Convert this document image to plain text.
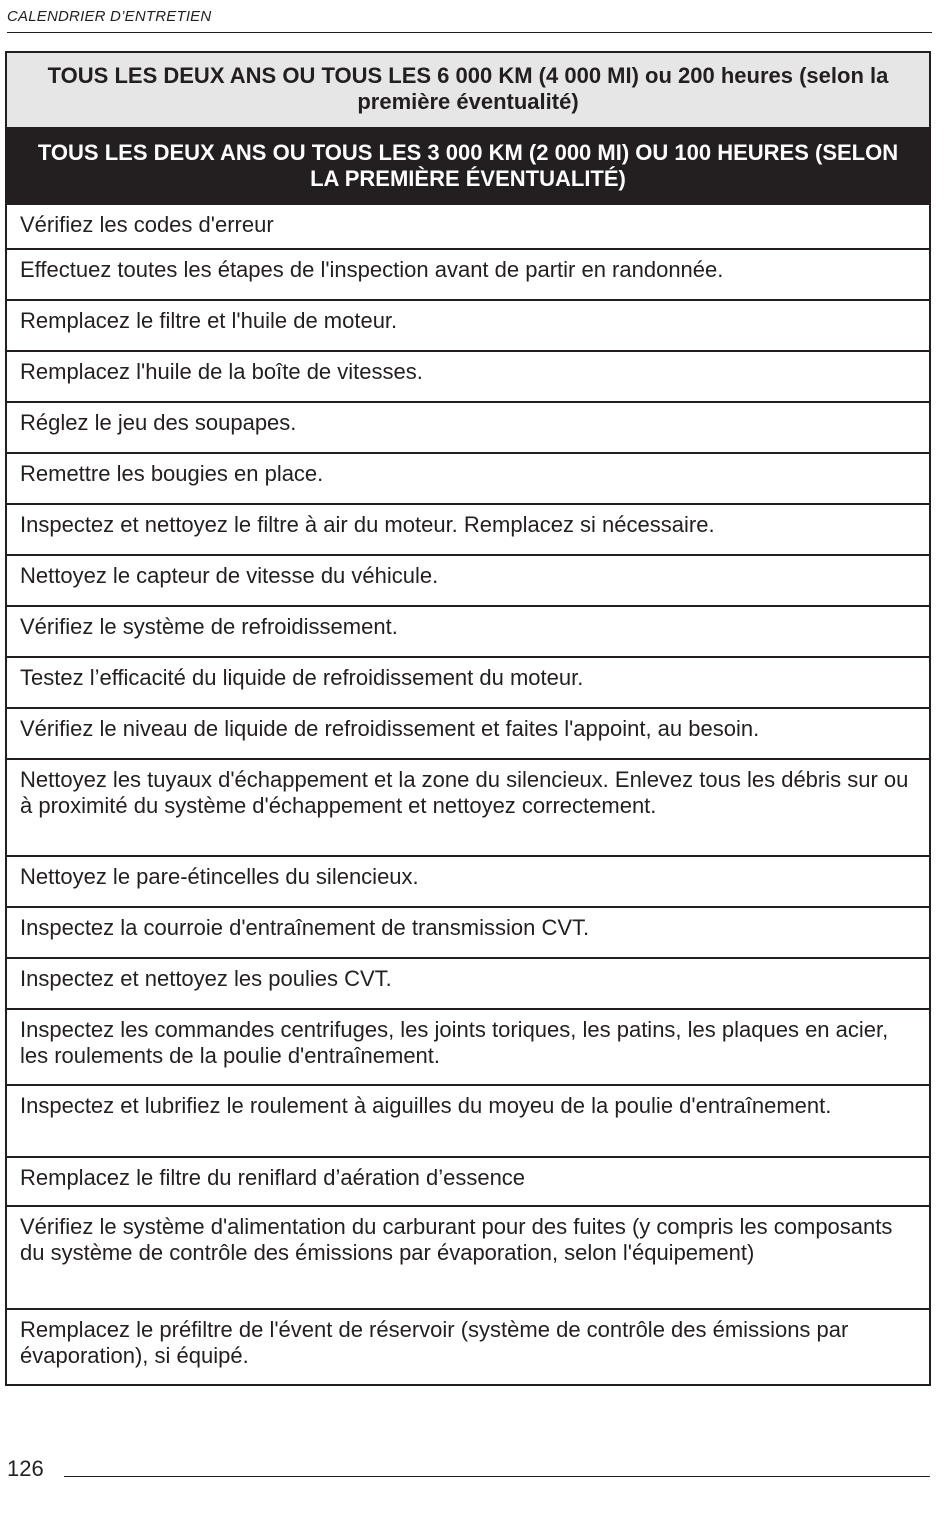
CALENDRIER D’ENTRETIEN
TOUS LES DEUX ANS OU TOUS LES 6 000 KM (4 000 MI) ou 200 heures (selon la première éventualité)
TOUS LES DEUX ANS OU TOUS LES 3 000 KM (2 000 MI) OU 100 HEURES (SELON LA PREMIÈRE ÉVENTUALITÉ)
Vérifiez les codes d'erreur
Effectuez toutes les étapes de l'inspection avant de partir en randonnée.
Remplacez le filtre et l'huile de moteur.
Remplacez l'huile de la boîte de vitesses.
Réglez le jeu des soupapes.
Remettre les bougies en place.
Inspectez et nettoyez le filtre à air du moteur. Remplacez si nécessaire.
Nettoyez le capteur de vitesse du véhicule.
Vérifiez le système de refroidissement.
Testez l’efficacité du liquide de refroidissement du moteur.
Vérifiez le niveau de liquide de refroidissement et faites l'appoint, au besoin.
Nettoyez les tuyaux d'échappement et la zone du silencieux. Enlevez tous les débris sur ou à proximité du système d'échappement et nettoyez correctement.
Nettoyez le pare-étincelles du silencieux.
Inspectez la courroie d'entraînement de transmission CVT.
Inspectez et nettoyez les poulies CVT.
Inspectez les commandes centrifuges, les joints toriques, les patins, les plaques en acier, les roulements de la poulie d'entraînement.
Inspectez et lubrifiez le roulement à aiguilles du moyeu de la poulie d'entraînement.
Remplacez le filtre du reniflard d’aération d’essence
Vérifiez le système d'alimentation du carburant pour des fuites (y compris les composants du système de contrôle des émissions par évaporation, selon l'équipement)
Remplacez le préfiltre de l'évent de réservoir (système de contrôle des émissions par évaporation), si équipé.
126
